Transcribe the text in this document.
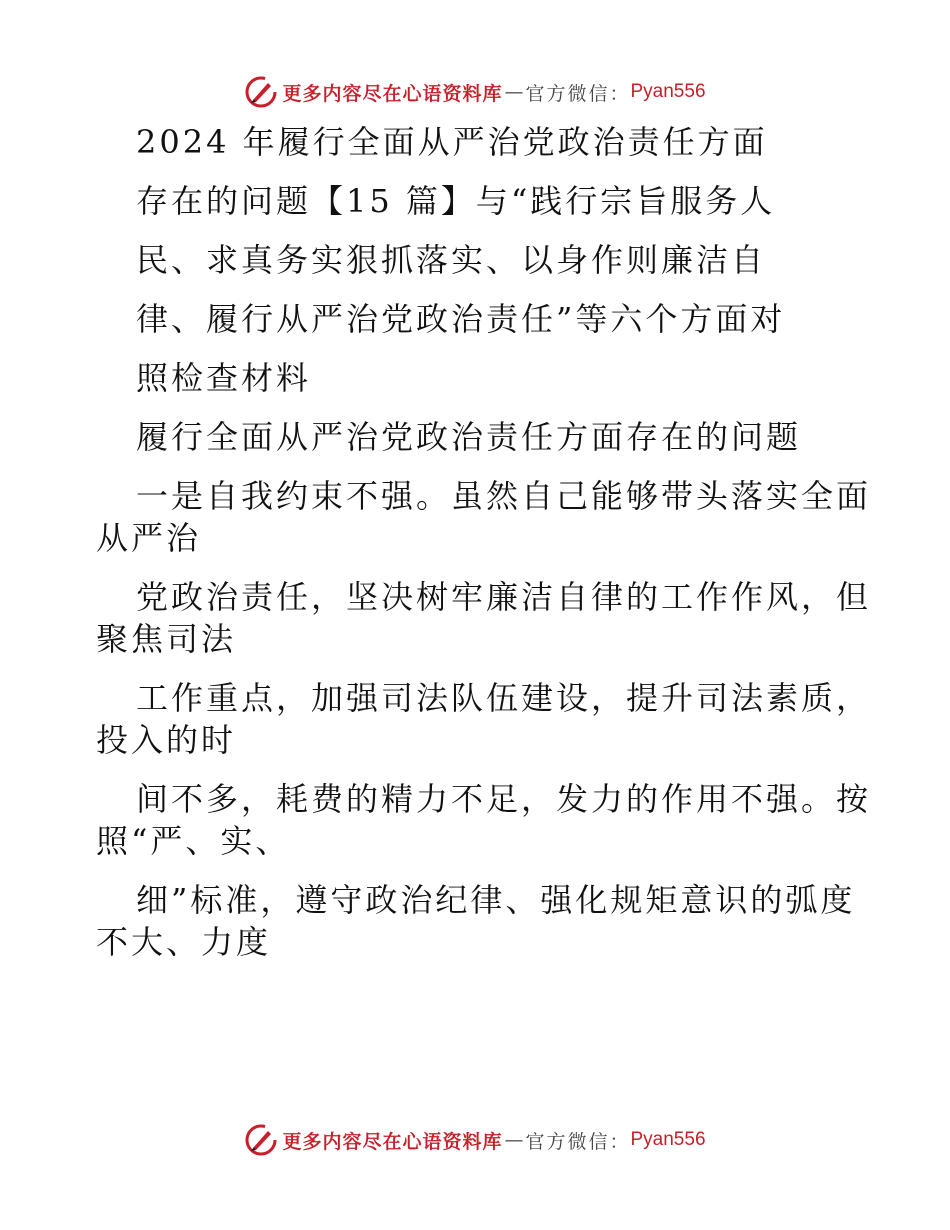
更多内容尽在心语资料库 — 官方微信： Pyan556
2024 年履行全面从严治党政治责任方面
存在的问题【15 篇】与“践行宗旨服务人
民、求真务实狠抓落实、以身作则廉洁自
律、履行从严治党政治责任”等六个方面对
照检查材料
履行全面从严治党政治责任方面存在的问题
一是自我约束不强。虽然自己能够带头落实全面
从严治
党政治责任，坚决树牢廉洁自律的工作作风，但
聚焦司法
工作重点，加强司法队伍建设，提升司法素质，
投入的时
间不多，耗费的精力不足，发力的作用不强。按
照“严、实、
细”标准，遵守政治纪律、强化规矩意识的弧度
不大、力度
更多内容尽在心语资料库 — 官方微信： Pyan556
